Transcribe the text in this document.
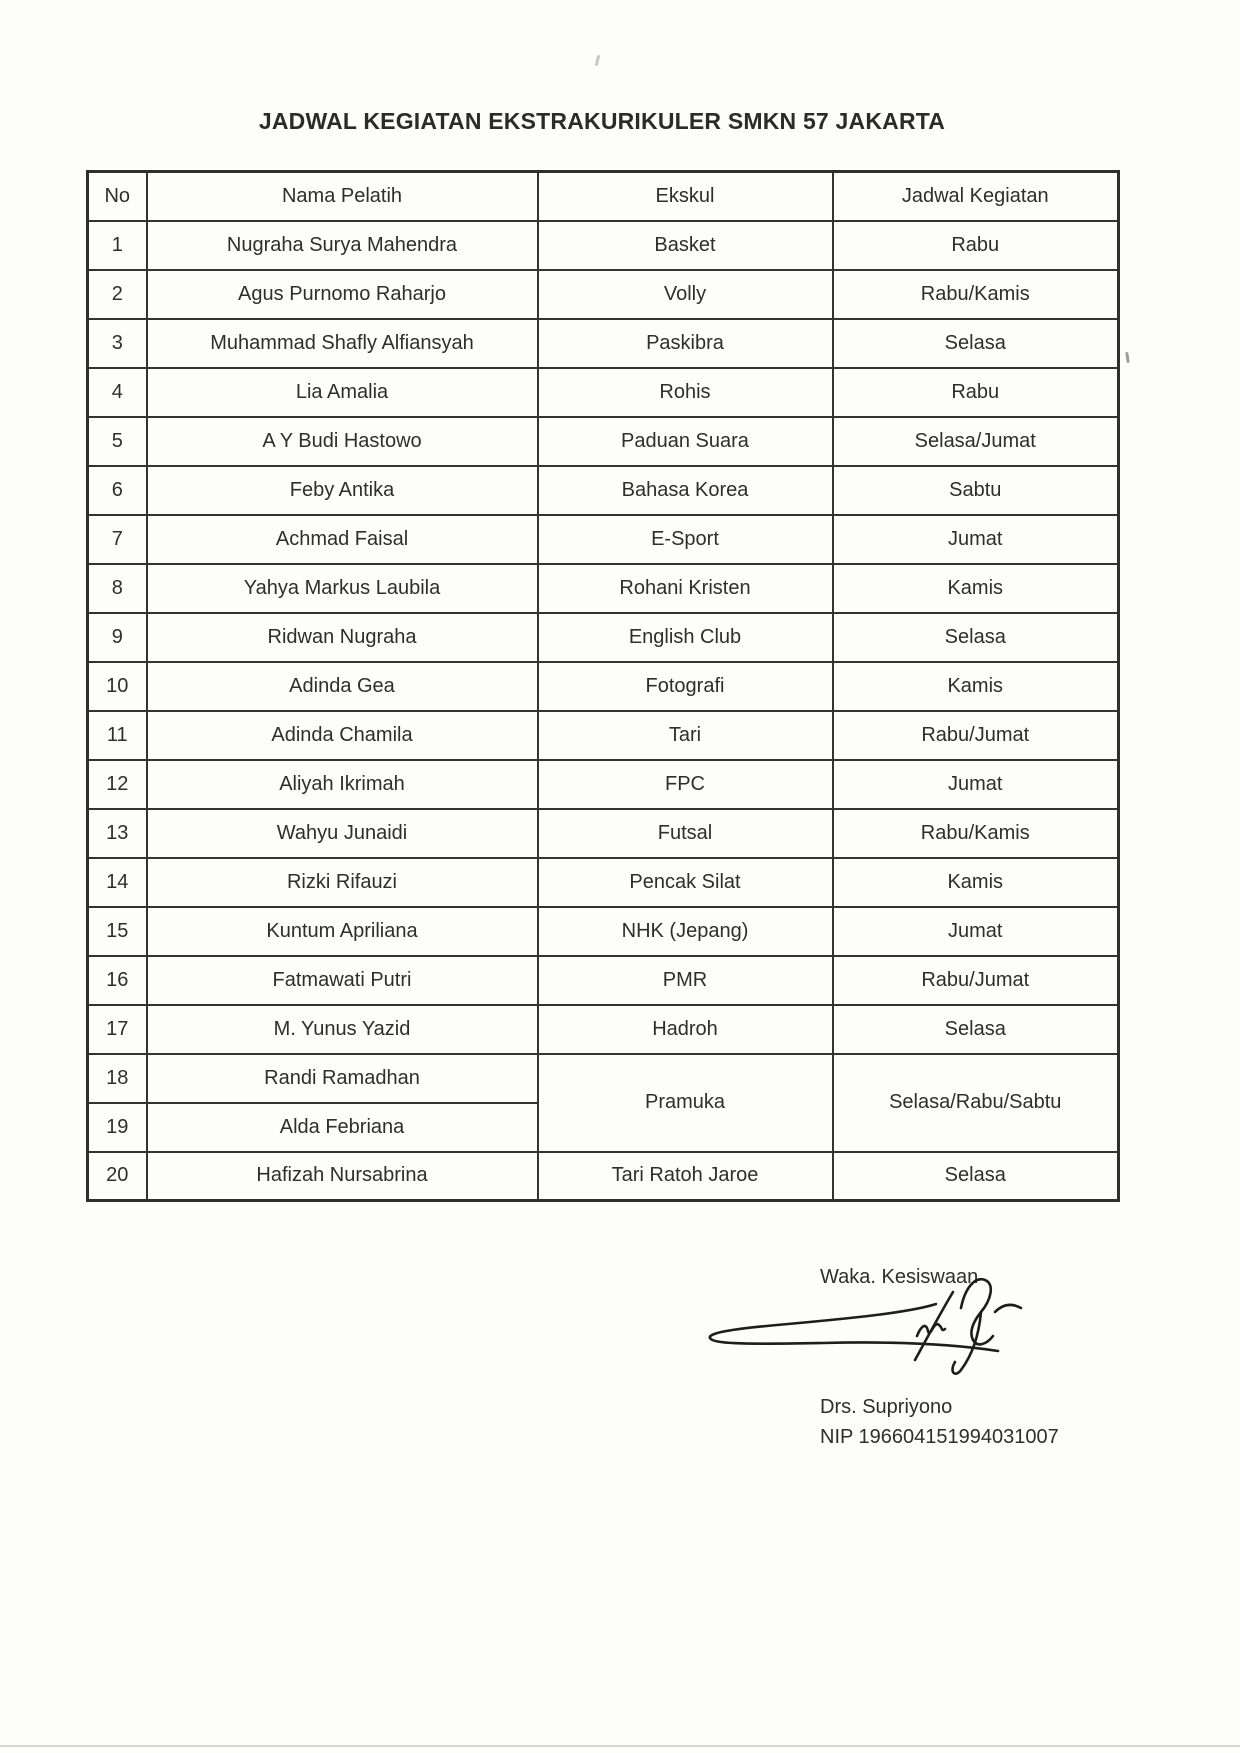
JADWAL KEGIATAN EKSTRAKURIKULER SMKN 57 JAKARTA
No	Nama Pelatih	Ekskul	Jadwal Kegiatan
1	Nugraha Surya Mahendra	Basket	Rabu
2	Agus Purnomo Raharjo	Volly	Rabu/Kamis
3	Muhammad Shafly Alfiansyah	Paskibra	Selasa
4	Lia Amalia	Rohis	Rabu
5	A Y Budi Hastowo	Paduan Suara	Selasa/Jumat
6	Feby Antika	Bahasa Korea	Sabtu
7	Achmad Faisal	E-Sport	Jumat
8	Yahya Markus Laubila	Rohani Kristen	Kamis
9	Ridwan Nugraha	English Club	Selasa
10	Adinda Gea	Fotografi	Kamis
11	Adinda Chamila	Tari	Rabu/Jumat
12	Aliyah Ikrimah	FPC	Jumat
13	Wahyu Junaidi	Futsal	Rabu/Kamis
14	Rizki Rifauzi	Pencak Silat	Kamis
15	Kuntum Apriliana	NHK (Jepang)	Jumat
16	Fatmawati Putri	PMR	Rabu/Jumat
17	M. Yunus Yazid	Hadroh	Selasa
18	Randi Ramadhan	Pramuka	Selasa/Rabu/Sabtu
19	Alda Febriana		
20	Hafizah Nursabrina	Tari Ratoh Jaroe	Selasa
Waka. Kesiswaan
Drs. Supriyono
NIP 196604151994031007
